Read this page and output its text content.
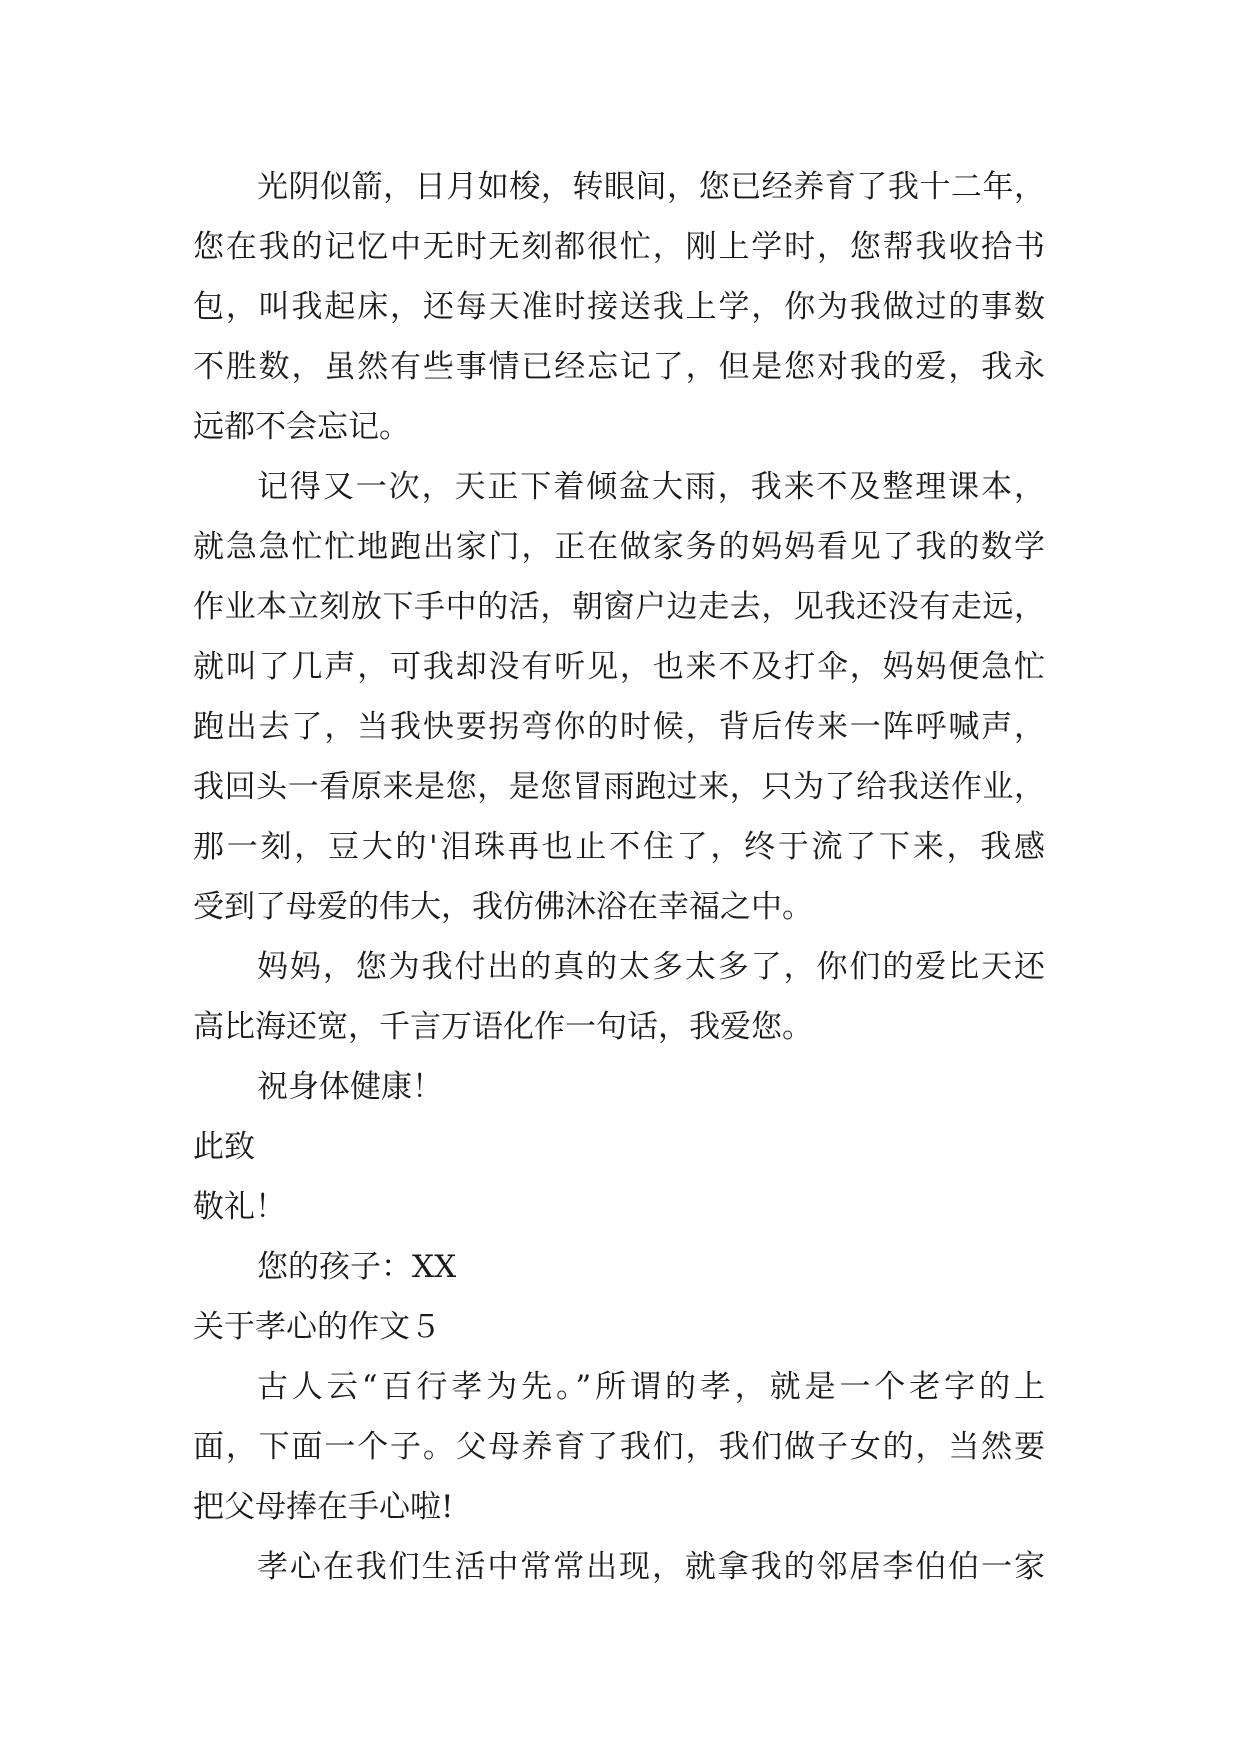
光阴似箭，日月如梭，转眼间，您已经养育了我十二年，
您在我的记忆中无时无刻都很忙，刚上学时，您帮我收拾书
包，叫我起床，还每天准时接送我上学，你为我做过的事数
不胜数，虽然有些事情已经忘记了，但是您对我的爱，我永
远都不会忘记。
记得又一次，天正下着倾盆大雨，我来不及整理课本，
就急急忙忙地跑出家门，正在做家务的妈妈看见了我的数学
作业本立刻放下手中的活，朝窗户边走去，见我还没有走远，
就叫了几声，可我却没有听见，也来不及打伞，妈妈便急忙
跑出去了，当我快要拐弯你的时候，背后传来一阵呼喊声，
我回头一看原来是您，是您冒雨跑过来，只为了给我送作业，
那一刻，豆大的'泪珠再也止不住了，终于流了下来，我感
受到了母爱的伟大，我仿佛沐浴在幸福之中。
妈妈，您为我付出的真的太多太多了，你们的爱比天还
高比海还宽，千言万语化作一句话，我爱您。
祝身体健康！
此致
敬礼！
您的孩子：XX
关于孝心的作文５
古人云“百行孝为先。”所谓的孝，就是一个老字的上
面，下面一个子。父母养育了我们，我们做子女的，当然要
把父母捧在手心啦!
孝心在我们生活中常常出现，就拿我的邻居李伯伯一家
